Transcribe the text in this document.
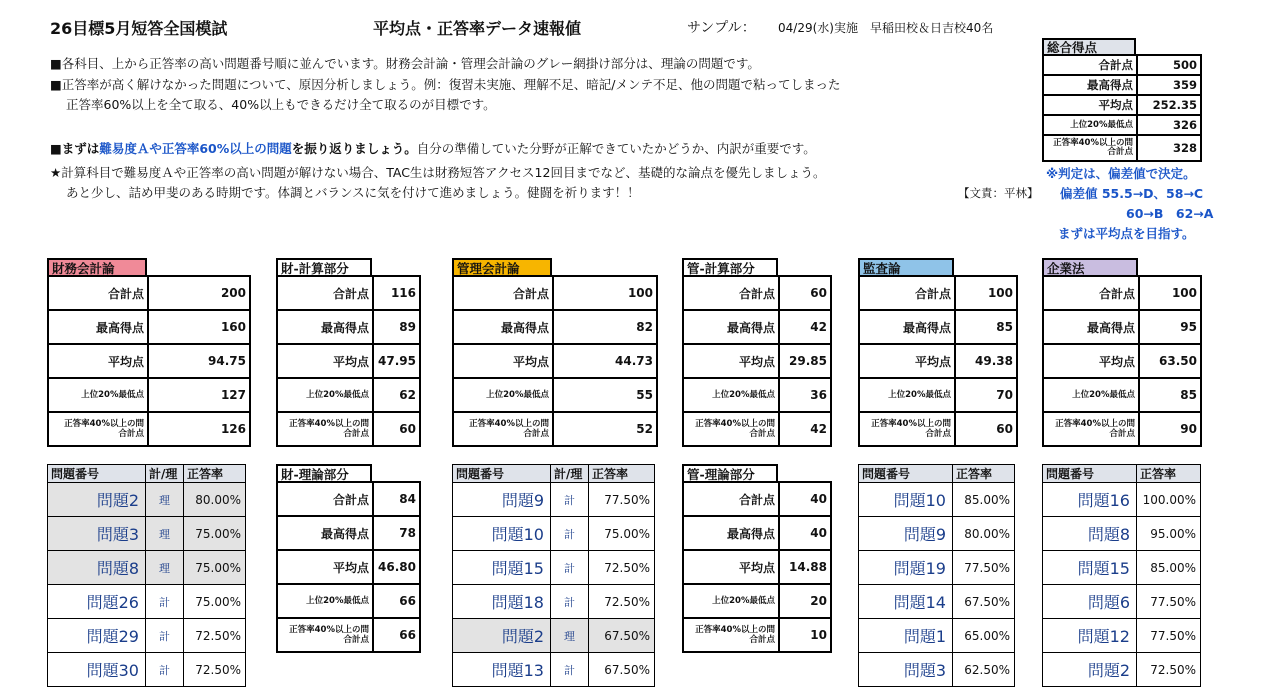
26目標5月短答全国模試	平均点・正答率データ速報値	サンプル： 04/29(水)実施　早稲田校＆日吉校40名
■各科目、上から正答率の高い問題番号順に並んでいます。財務会計論・管理会計論のグレー網掛け部分は、理論の問題です。
■正答率が高く解けなかった問題について、原因分析しましょう。例：復習未実施、理解不足、暗記/メンテ不足、他の問題で粘ってしまった
正答率60%以上を全て取る、40%以上もできるだけ全て取るのが目標です。
■まずは難易度Ａや正答率60%以上の問題を振り返りましょう。自分の準備していた分野が正解できていたかどうか、内訳が重要です。
★計算科目で難易度Ａや正答率の高い問題が解けない場合、TAC生は財務短答アクセス12回目までなど、基礎的な論点を優先しましょう。
あと少し、詰め甲斐のある時期です。体調とバランスに気を付けて進めましょう。健闘を祈ります！！	【文責：平林】
※判定は、偏差値で決定。
偏差値 55.5→D、58→C
60→B　62→A
まずは平均点を目指す。
総合得点
合計点	500
最高得点	359
平均点	252.35
上位20%最低点	326
正答率40%以上の問 合計点	328
財務会計論
合計点	200
最高得点	160
平均点	94.75
上位20%最低点	127
正答率40%以上の問
合計点	126
財-計算部分
合計点	116
最高得点	89
平均点	47.95
上位20%最低点	62
正答率40%以上の問
合計点	60
管理会計論
合計点	100
最高得点	82
平均点	44.73
上位20%最低点	55
正答率40%以上の問
合計点	52
管-計算部分
合計点	60
最高得点	42
平均点	29.85
上位20%最低点	36
正答率40%以上の問
合計点	42
監査論
合計点	100
最高得点	85
平均点	49.38
上位20%最低点	70
正答率40%以上の問
合計点	60
企業法
合計点	100
最高得点	95
平均点	63.50
上位20%最低点	85
正答率40%以上の問
合計点	90
財-理論部分
合計点	84
最高得点	78
平均点	46.80
上位20%最低点	66
正答率40%以上の問
合計点	66
管-理論部分
合計点	40
最高得点	40
平均点	14.88
上位20%最低点	20
正答率40%以上の問
合計点	10
問題番号	計/理	正答率
問題2	理	80.00%
問題3	理	75.00%
問題8	理	75.00%
問題26	計	75.00%
問題29	計	72.50%
問題30	計	72.50%
問題番号	計/理	正答率
問題9	計	77.50%
問題10	計	75.00%
問題15	計	72.50%
問題18	計	72.50%
問題2	理	67.50%
問題13	計	67.50%
問題番号	正答率
問題10	85.00%
問題9	80.00%
問題19	77.50%
問題14	67.50%
問題1	65.00%
問題3	62.50%
問題番号	正答率
問題16	100.00%
問題8	95.00%
問題15	85.00%
問題6	77.50%
問題12	77.50%
問題2	72.50%
